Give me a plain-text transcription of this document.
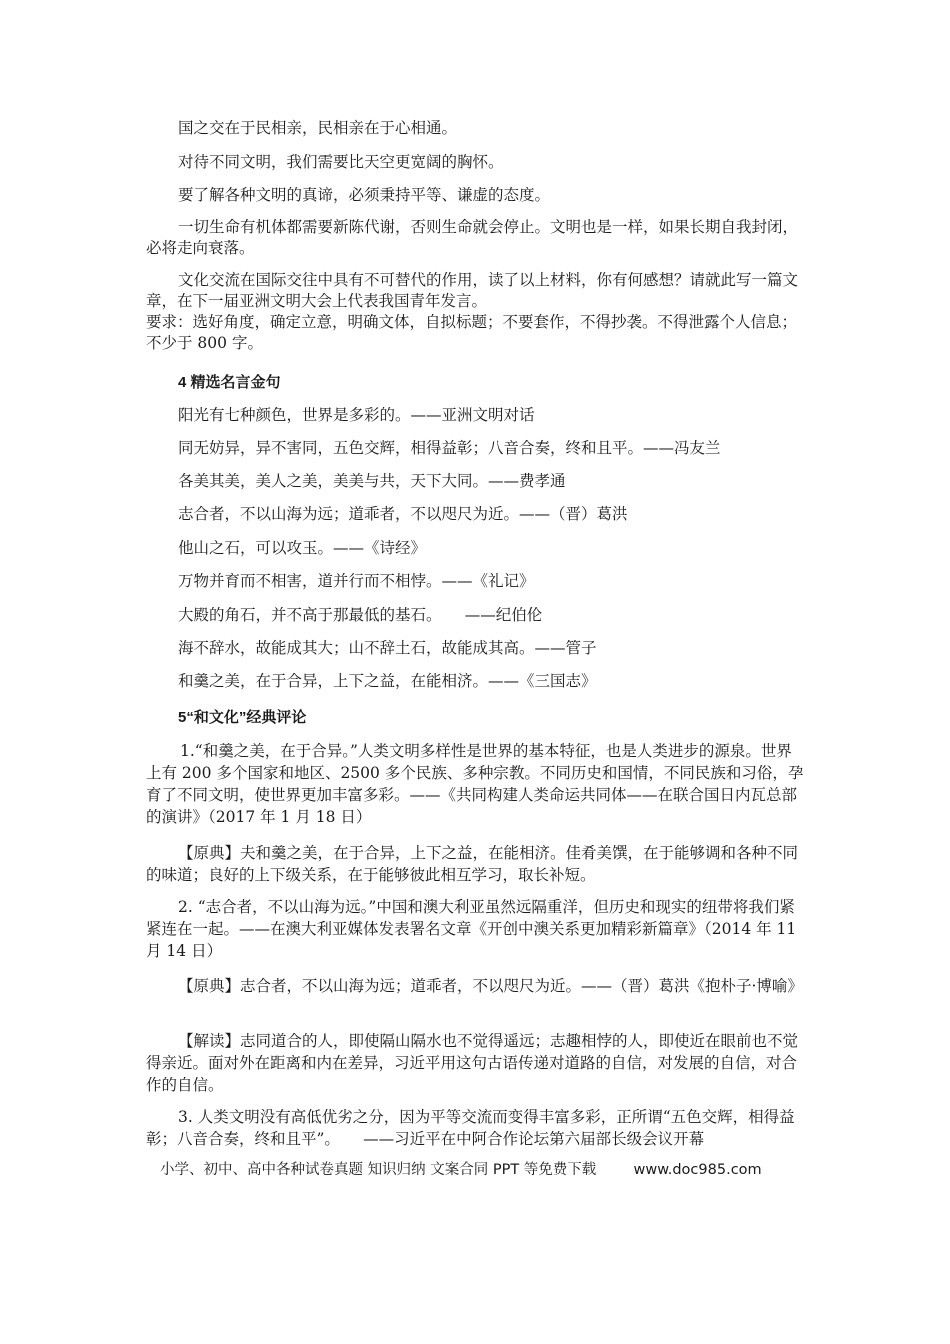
国之交在于民相亲，民相亲在于心相通。

对待不同文明，我们需要比天空更宽阔的胸怀。

要了解各种文明的真谛，必须秉持平等、谦虚的态度。

一切生命有机体都需要新陈代谢，否则生命就会停止。文明也是一样，如果长期自我封闭，必将走向衰落。

文化交流在国际交往中具有不可替代的作用，读了以上材料，你有何感想？请就此写一篇文章，在下一届亚洲文明大会上代表我国青年发言。

要求：选好角度，确定立意，明确文体，自拟标题；不要套作，不得抄袭。不得泄露个人信息；不少于 800 字。

4 精选名言金句

阳光有七种颜色，世界是多彩的。——亚洲文明对话

同无妨异，异不害同，五色交辉，相得益彰；八音合奏，终和且平。——冯友兰

各美其美，美人之美，美美与共，天下大同。——费孝通

志合者，不以山海为远；道乖者，不以咫尺为近。——（晋）葛洪

他山之石，可以攻玉。——《诗经》

万物并育而不相害，道并行而不相悖。——《礼记》

大殿的角石，并不高于那最低的基石。　　——纪伯伦

海不辞水，故能成其大；山不辞土石，故能成其高。——管子

和羹之美，在于合异，上下之益，在能相济。——《三国志》

5“和文化”经典评论

1.“和羹之美，在于合异。”人类文明多样性是世界的基本特征，也是人类进步的源泉。世界上有 200 多个国家和地区、2500 多个民族、多种宗教。不同历史和国情，不同民族和习俗，孕育了不同文明，使世界更加丰富多彩。——《共同构建人类命运共同体——在联合国日内瓦总部的演讲》（2017 年 1 月 18 日）

【原典】夫和羹之美，在于合异，上下之益，在能相济。佳肴美馔，在于能够调和各种不同的味道；良好的上下级关系，在于能够彼此相互学习，取长补短。

2. “志合者，不以山海为远。”中国和澳大利亚虽然远隔重洋，但历史和现实的纽带将我们紧紧连在一起。——在澳大利亚媒体发表署名文章《开创中澳关系更加精彩新篇章》（2014 年 11 月 14 日）

【原典】志合者，不以山海为远；道乖者，不以咫尺为近。——（晋）葛洪《抱朴子·博喻》

【解读】志同道合的人，即使隔山隔水也不觉得遥远；志趣相悖的人，即使近在眼前也不觉得亲近。面对外在距离和内在差异，习近平用这句古语传递对道路的自信，对发展的自信，对合作的自信。

3. 人类文明没有高低优劣之分，因为平等交流而变得丰富多彩，正所谓“五色交辉，相得益彰；八音合奏，终和且平”。　　——习近平在中阿合作论坛第六届部长级会议开幕

小学、初中、高中各种试卷真题 知识归纳 文案合同 PPT 等免费下载	www.doc985.com
